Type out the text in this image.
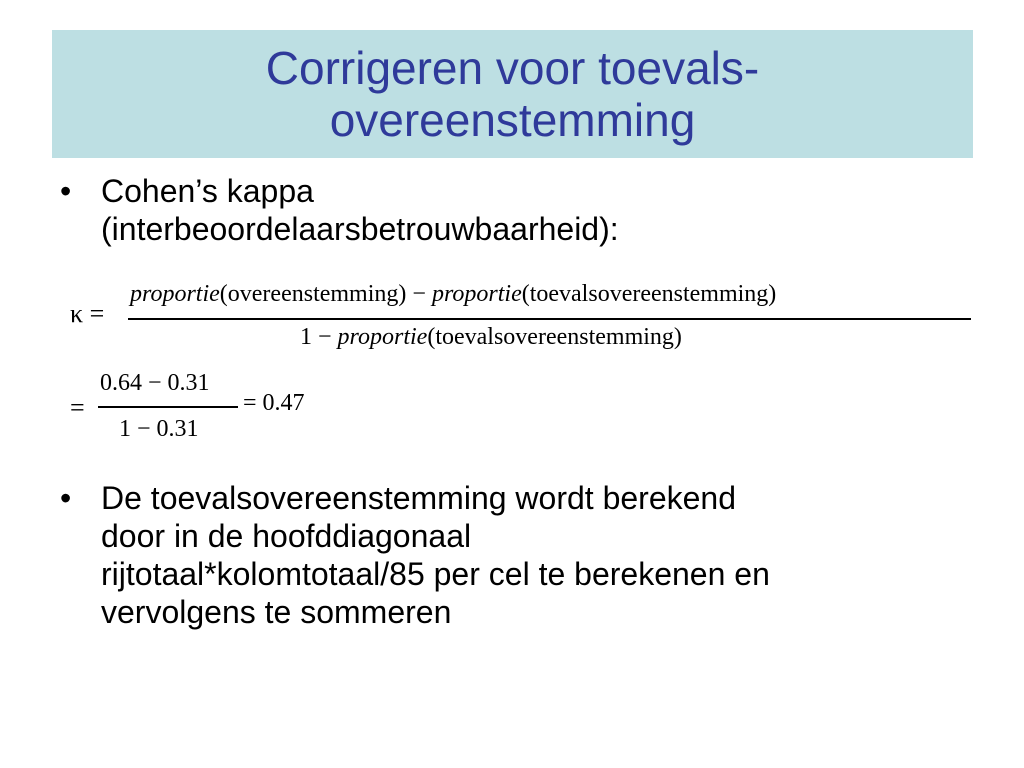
Corrigeren voor toevals-
overeenstemming
• Cohen’s kappa
(interbeoordelaarsbetrouwbaarheid):
κ =
proportie(overeenstemming) − proportie(toevalsovereenstemming)
1 − proportie(toevalsovereenstemming)
=
0.64 − 0.31
1 − 0.31
= 0.47
• De toevalsovereenstemming wordt berekend
door in de hoofddiagonaal
rijtotaal*kolomtotaal/85 per cel te berekenen en
vervolgens te sommeren
